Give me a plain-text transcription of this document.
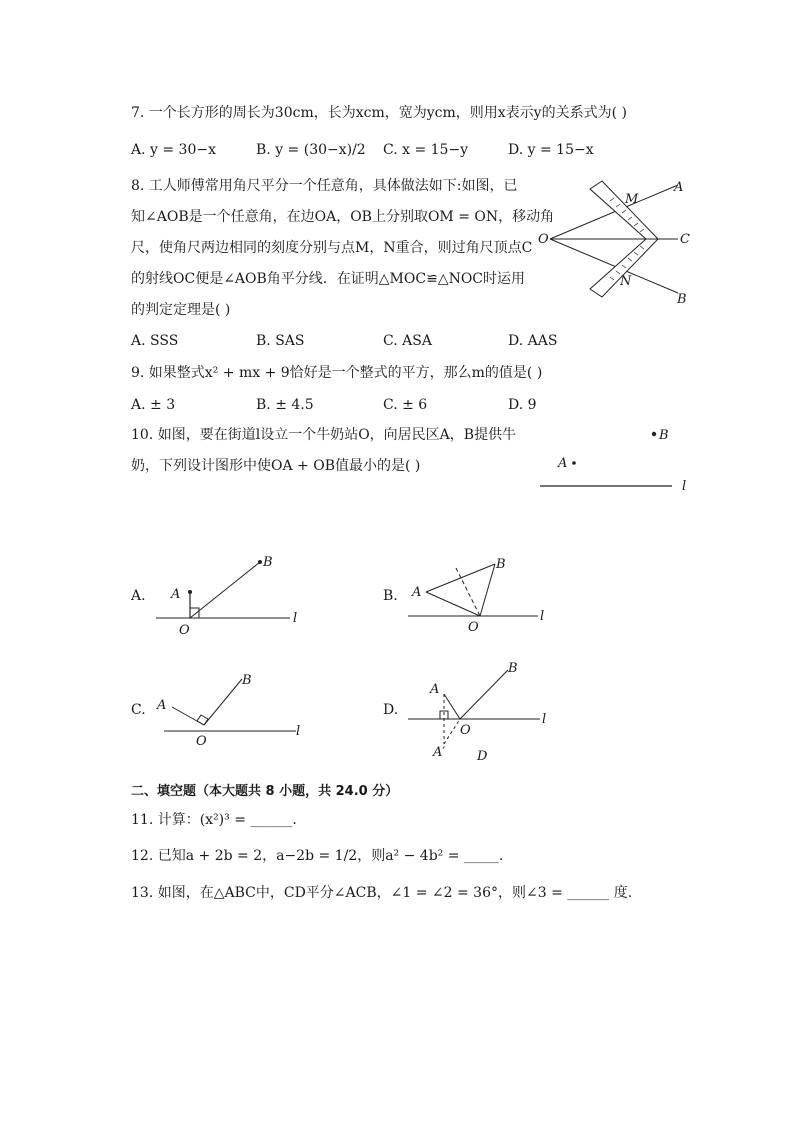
7. 一个长方形的周长为30cm，长为xcm，宽为ycm，则用x表示y的关系式为( )
A. y = 30−x	B. y = (30−x)/2 C. x = 15−y	D. y = 15−x
8. 工人师傅常用角尺平分一个任意角，具体做法如下:如图，已
知∠AOB是一个任意角，在边OA，OB上分别取OM = ON，移动角
尺，使角尺两边相同的刻度分别与点M，N重合，则过角尺顶点C
的射线OC便是∠AOB角平分线．在证明△MOC≌△NOC时运用
的判定定理是( )
A. SSS	B. SAS	C. ASA	D. AAS
O
A
B
C
M
N
9. 如果整式x² + mx + 9恰好是一个整式的平方，那么m的值是( )
A. ± 3	B. ± 4.5	C. ± 6	D. 9
10. 如图，要在街道l设立一个牛奶站O，向居民区A，B提供牛
奶，下列设计图形中使OA + OB值最小的是( )
B
A
l
A. A
B
O
l
B. A
B
O
l
C. A
B
O
l
D.
A
B
O
l
A′ D
二、填空题（本大题共 8 小题，共 24.0 分）
11. 计算：(x²)³ = ______.
12. 已知a + 2b = 2，a−2b = 1/2，则a² − 4b² = _____.
13. 如图，在△ABC中，CD平分∠ACB，∠1 = ∠2 = 36°，则∠3 = ______ 度.
